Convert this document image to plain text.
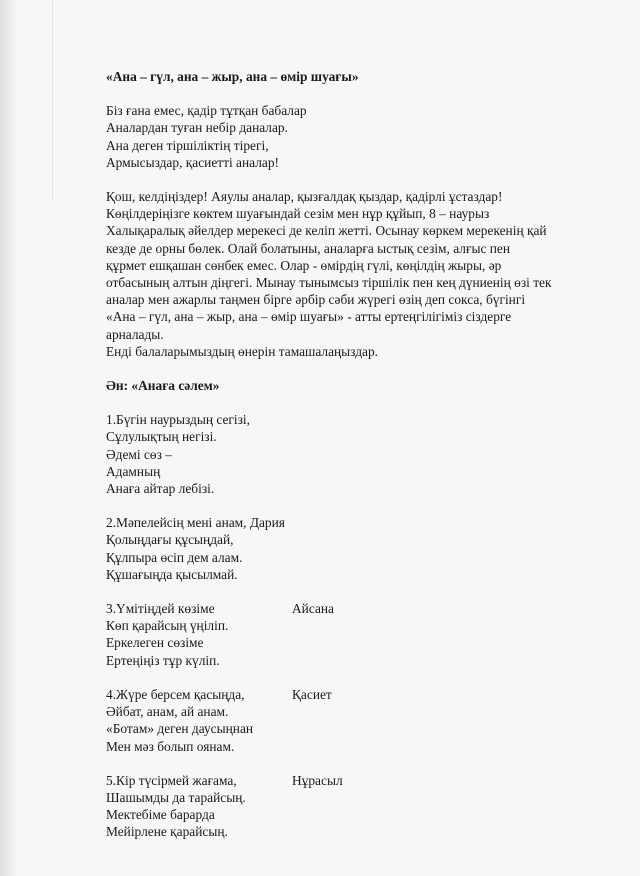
«Ана – гүл, ана – жыр, ана – өмір шуағы»
Біз ғана емес, қадір тұтқан бабалар
Аналардан туған небір даналар.
Ана деген тіршіліктің тірегі,
Армысыздар, қасиетті аналар!
Қош, келдіңіздер! Аяулы аналар, қызғалдақ қыздар, қадірлі ұстаздар!
Көңілдеріңізге көктем шуағындай сезім мен нұр құйып, 8 – наурыз
Халықаралық әйелдер мерекесі де келіп жетті. Осынау көркем мерекенің қай
кезде де орны бөлек. Олай болатыны, аналарға ыстық сезім, алғыс пен
құрмет ешқашан сөнбек емес. Олар - өмірдің гүлі, көңілдің жыры, әр
отбасының алтын діңгегі. Мынау тынымсыз тіршілік пен кең дүниенің өзі тек
аналар мен ажарлы таңмен бірге әрбір сәби жүрегі өзің деп сокса, бүгінгі
«Ана – гүл, ана – жыр, ана – өмір шуағы» - атты ертеңгілігіміз сіздерге
арналады.
Енді балаларымыздың өнерін тамашалаңыздар.
Ән: «Анаға сәлем»
1.Бүгін наурыздың сегізі,
Сұлулықтың негізі.
Әдемі сөз –
Адамның
Анаға айтар лебізі.
2.Мәпелейсің мені анам, Дария
Қолыңдағы құсыңдай,
Құлпыра өсіп дем алам.
Құшағыңда қысылмай.
3.Үмітіңдей көзіме	Айсана
Көп қарайсың үңіліп.
Еркелеген сөзіме
Ертеңіңіз тұр күліп.
4.Жүре берсем қасыңда,	Қасиет
Әйбат, анам, ай анам.
«Ботам» деген даусыңнан
Мен мәз болып оянам.
5.Кір түсірмей жағама,	Нұрасыл
Шашымды да тарайсың.
Мектебіме барарда
Мейірлене қарайсың.
